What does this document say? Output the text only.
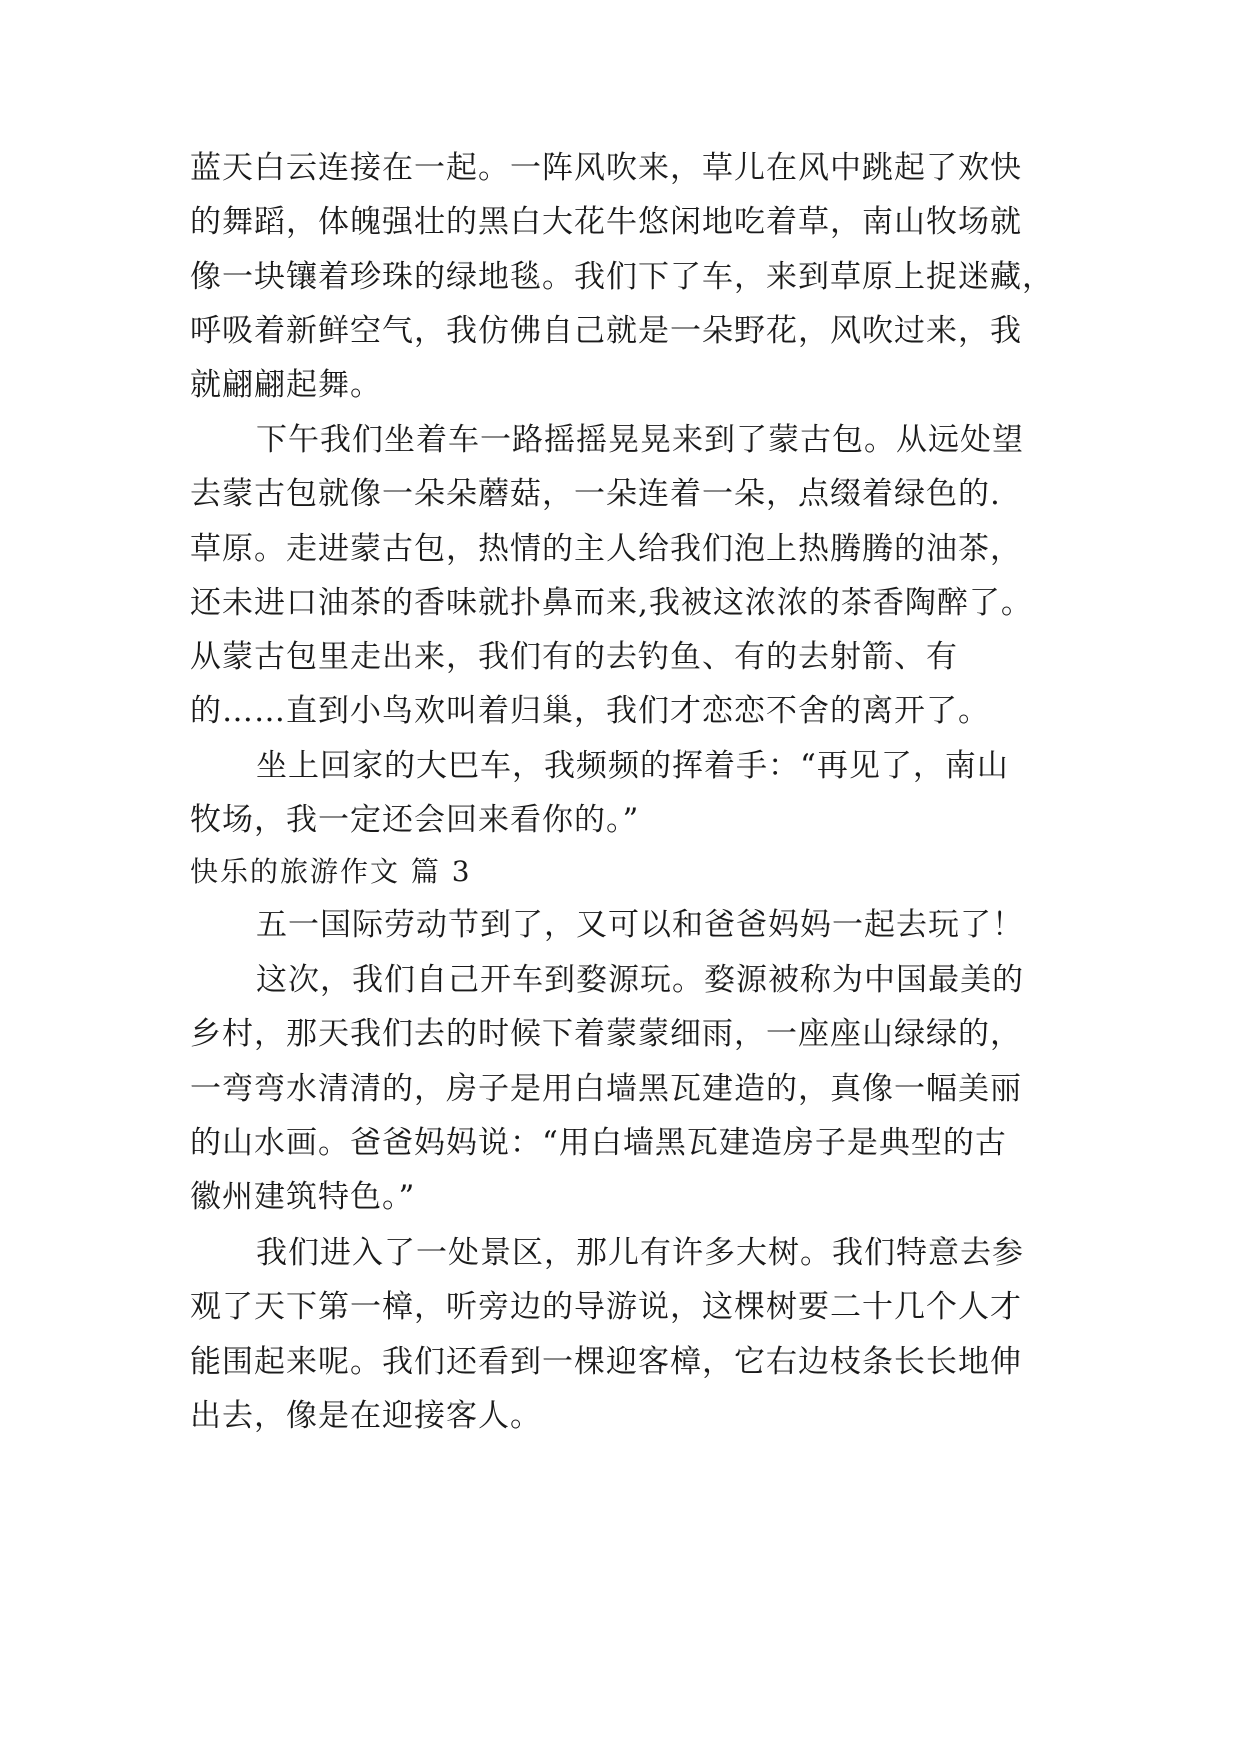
蓝天白云连接在一起。一阵风吹来，草儿在风中跳起了欢快
的舞蹈，体魄强壮的黑白大花牛悠闲地吃着草，南山牧场就
像一块镶着珍珠的绿地毯。我们下了车，来到草原上捉迷藏，
呼吸着新鲜空气，我仿佛自己就是一朵野花，风吹过来，我
就翩翩起舞。
下午我们坐着车一路摇摇晃晃来到了蒙古包。从远处望
去蒙古包就像一朵朵蘑菇，一朵连着一朵，点缀着绿色的.
草原。走进蒙古包，热情的主人给我们泡上热腾腾的油茶，
还未进口油茶的香味就扑鼻而来,我被这浓浓的茶香陶醉了。
从蒙古包里走出来，我们有的去钓鱼、有的去射箭、有
的……直到小鸟欢叫着归巢，我们才恋恋不舍的离开了。
坐上回家的大巴车，我频频的挥着手：“再见了，南山
牧场，我一定还会回来看你的。”
快乐的旅游作文 篇 3
五一国际劳动节到了，又可以和爸爸妈妈一起去玩了！
这次，我们自己开车到婺源玩。婺源被称为中国最美的
乡村，那天我们去的时候下着蒙蒙细雨，一座座山绿绿的，
一弯弯水清清的，房子是用白墙黑瓦建造的，真像一幅美丽
的山水画。爸爸妈妈说：“用白墙黑瓦建造房子是典型的古
徽州建筑特色。”
我们进入了一处景区，那儿有许多大树。我们特意去参
观了天下第一樟，听旁边的导游说，这棵树要二十几个人才
能围起来呢。我们还看到一棵迎客樟，它右边枝条长长地伸
出去，像是在迎接客人。
